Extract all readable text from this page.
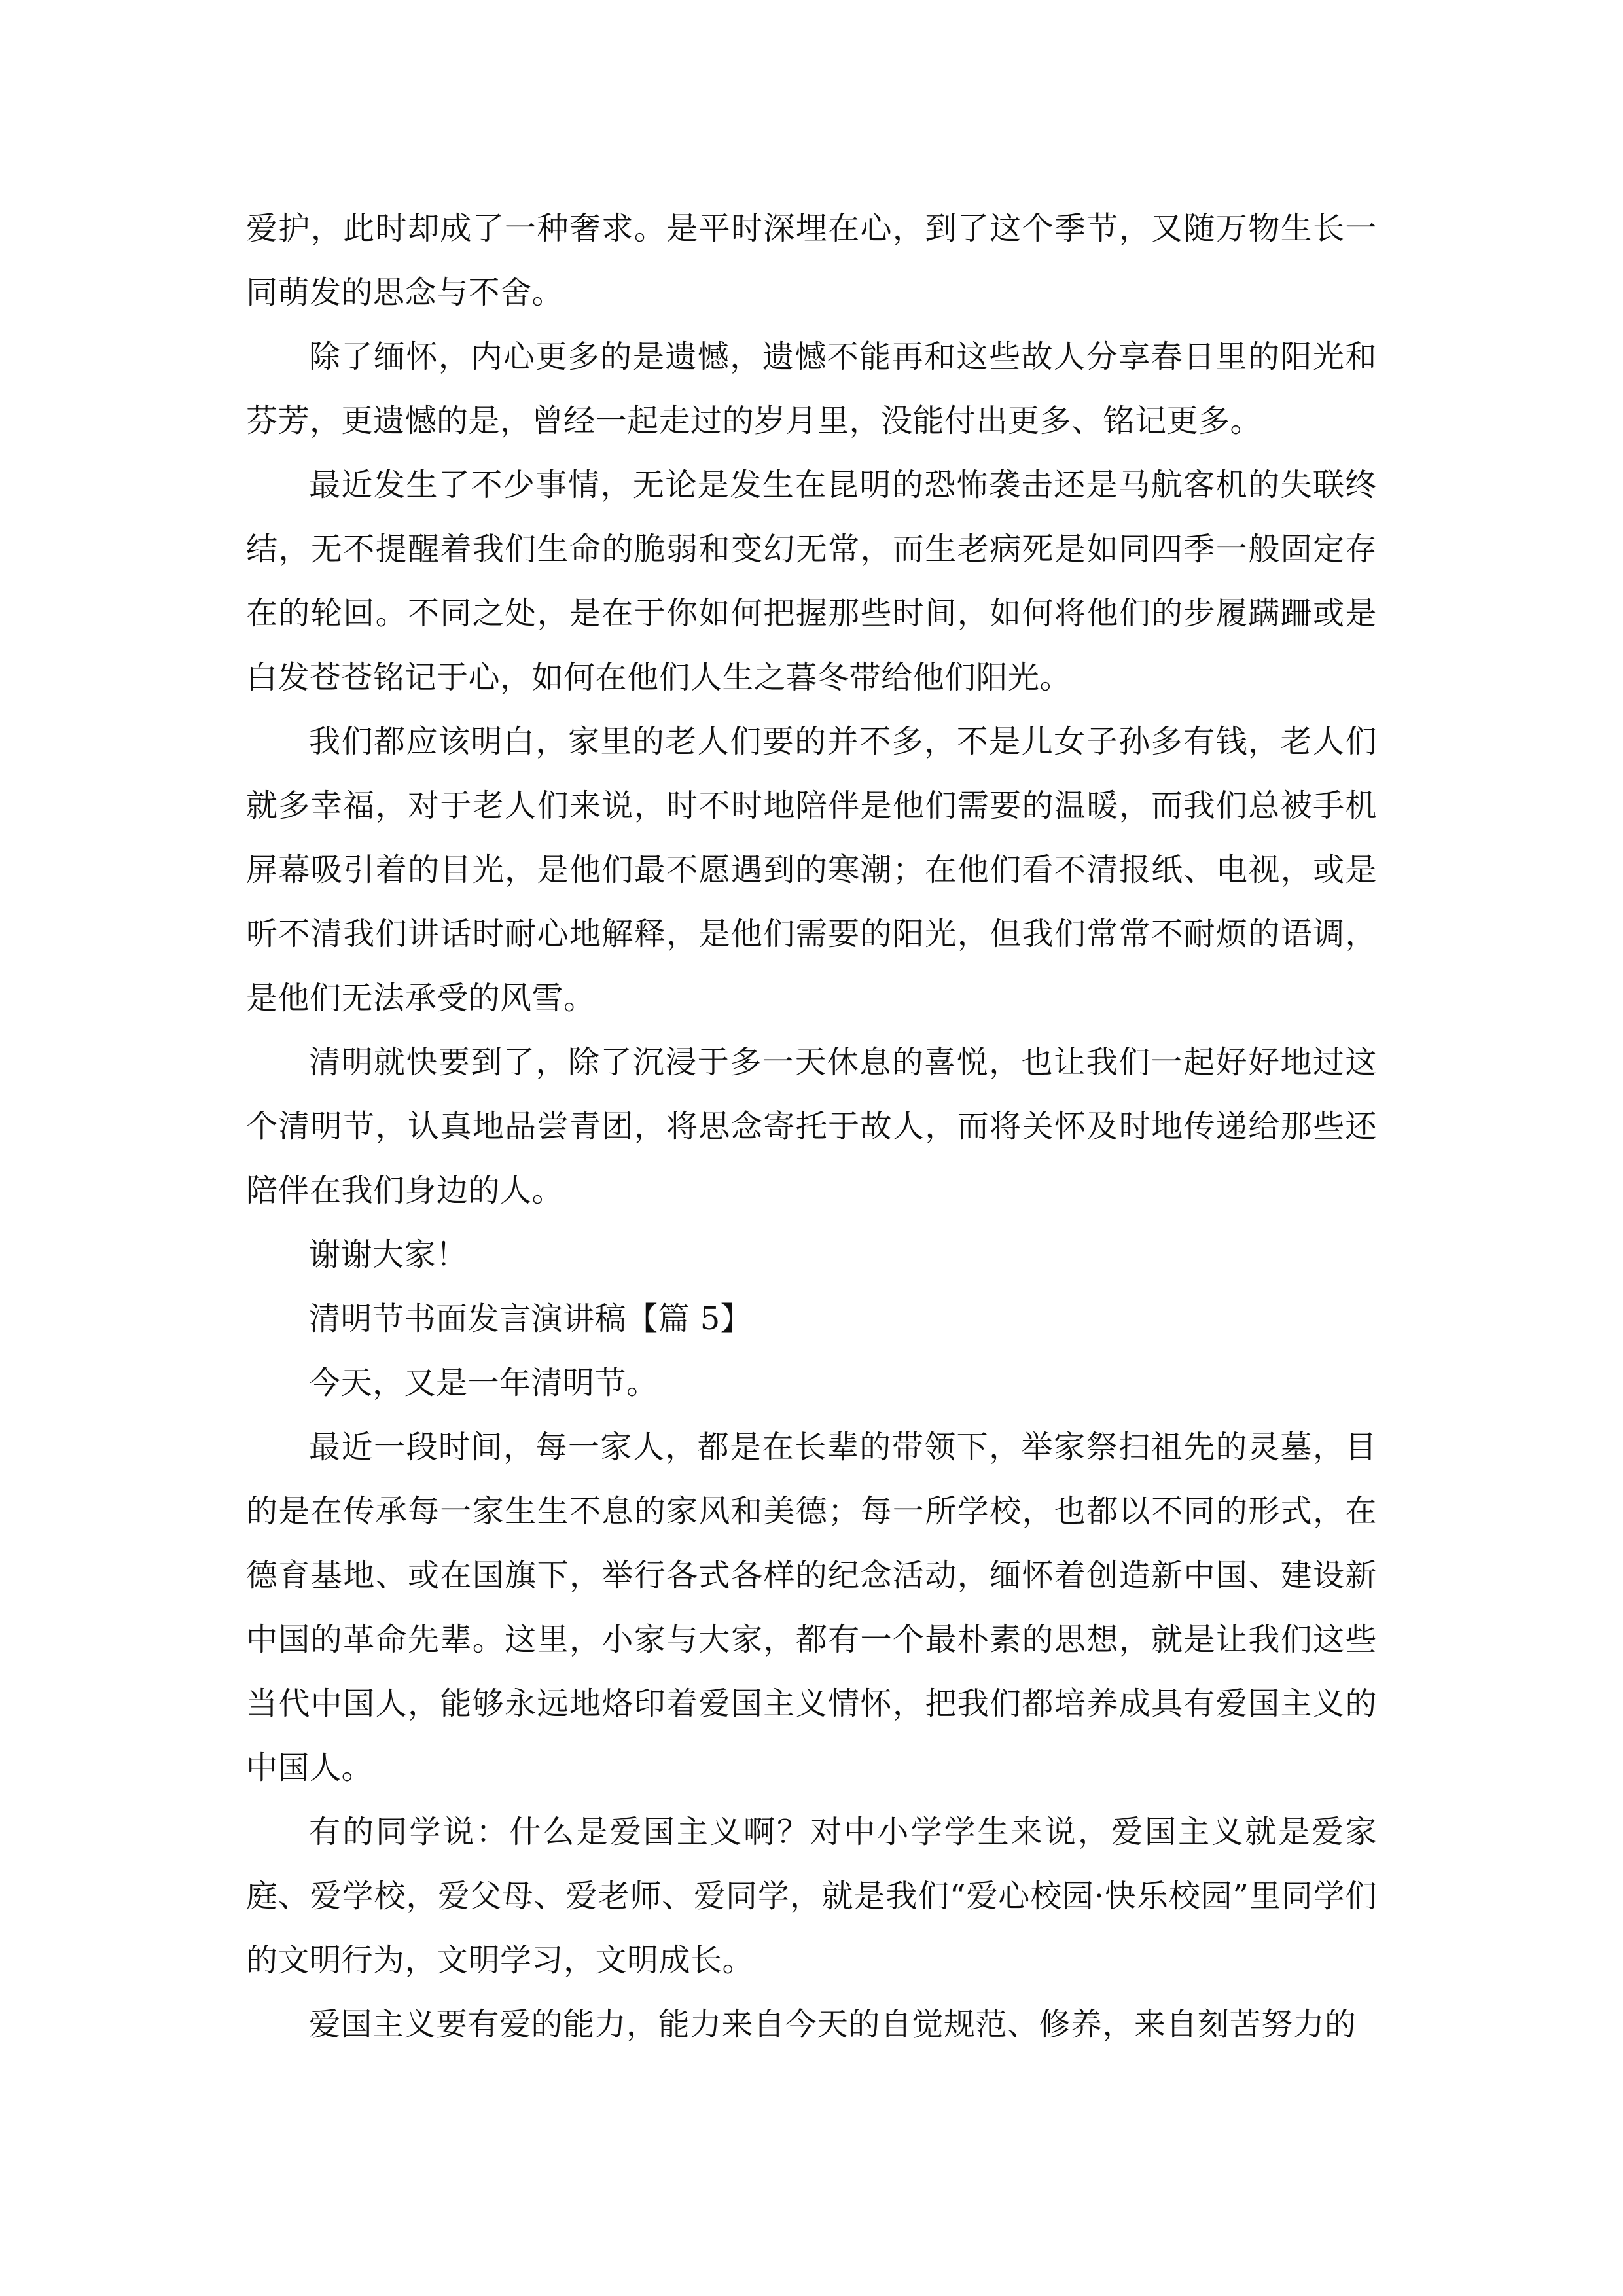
爱护，此时却成了一种奢求。是平时深埋在心，到了这个季节，又随万物生长一同萌发的思念与不舍。

除了缅怀，内心更多的是遗憾，遗憾不能再和这些故人分享春日里的阳光和芬芳，更遗憾的是，曾经一起走过的岁月里，没能付出更多、铭记更多。

最近发生了不少事情，无论是发生在昆明的恐怖袭击还是马航客机的失联终结，无不提醒着我们生命的脆弱和变幻无常，而生老病死是如同四季一般固定存在的轮回。不同之处，是在于你如何把握那些时间，如何将他们的步履蹒跚或是白发苍苍铭记于心，如何在他们人生之暮冬带给他们阳光。

我们都应该明白，家里的老人们要的并不多，不是儿女子孙多有钱，老人们就多幸福，对于老人们来说，时不时地陪伴是他们需要的温暖，而我们总被手机屏幕吸引着的目光，是他们最不愿遇到的寒潮；在他们看不清报纸、电视，或是听不清我们讲话时耐心地解释，是他们需要的阳光，但我们常常不耐烦的语调，是他们无法承受的风雪。

清明就快要到了，除了沉浸于多一天休息的喜悦，也让我们一起好好地过这个清明节，认真地品尝青团，将思念寄托于故人，而将关怀及时地传递给那些还陪伴在我们身边的人。

谢谢大家！

清明节书面发言演讲稿【篇 5】

今天，又是一年清明节。

最近一段时间，每一家人，都是在长辈的带领下，举家祭扫祖先的灵墓，目的是在传承每一家生生不息的家风和美德；每一所学校，也都以不同的形式，在德育基地、或在国旗下，举行各式各样的纪念活动，缅怀着创造新中国、建设新中国的革命先辈。这里，小家与大家，都有一个最朴素的思想，就是让我们这些当代中国人，能够永远地烙印着爱国主义情怀，把我们都培养成具有爱国主义的中国人。

有的同学说：什么是爱国主义啊？对中小学学生来说，爱国主义就是爱家庭、爱学校，爱父母、爱老师、爱同学，就是我们“爱心校园·快乐校园”里同学们的文明行为，文明学习，文明成长。

爱国主义要有爱的能力，能力来自今天的自觉规范、修养，来自刻苦努力的
